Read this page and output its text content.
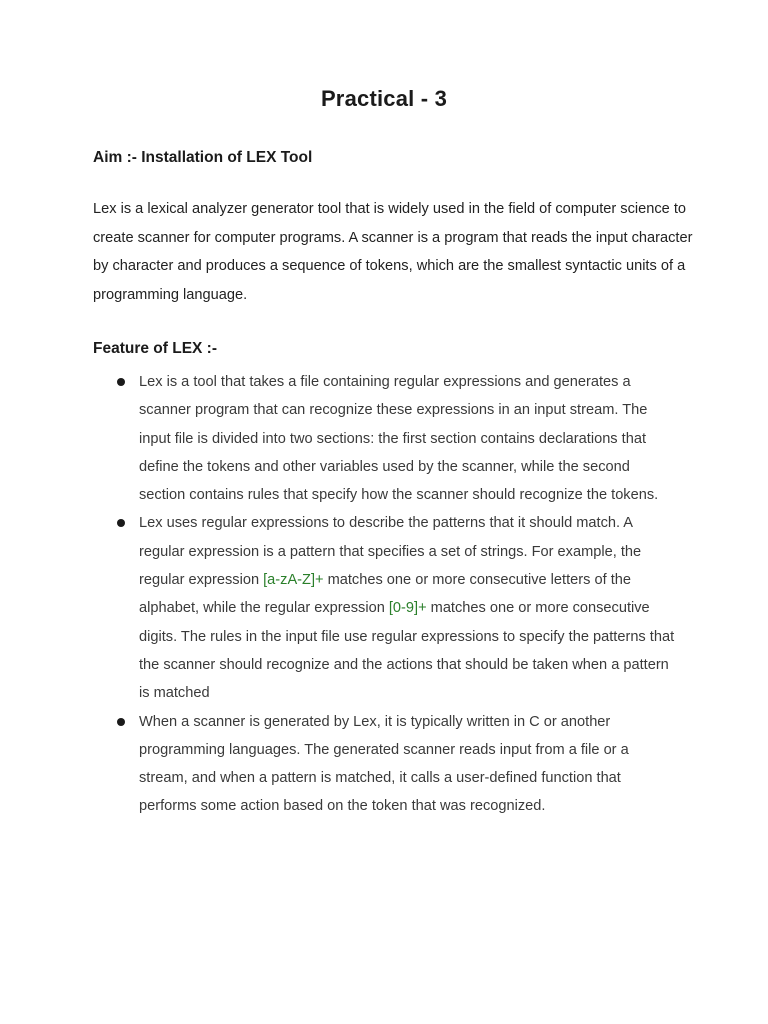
Practical - 3
Aim :- Installation of LEX Tool
Lex is a lexical analyzer generator tool that is widely used in the field of computer science to create scanner for computer programs. A scanner is a program that reads the input character by character and produces a sequence of tokens, which are the smallest syntactic units of a programming language.
Feature of LEX :-
Lex is a tool that takes a file containing regular expressions and generates a scanner program that can recognize these expressions in an input stream. The input file is divided into two sections: the first section contains declarations that define the tokens and other variables used by the scanner, while the second section contains rules that specify how the scanner should recognize the tokens.
Lex uses regular expressions to describe the patterns that it should match. A regular expression is a pattern that specifies a set of strings. For example, the regular expression [a-zA-Z]+ matches one or more consecutive letters of the alphabet, while the regular expression [0-9]+ matches one or more consecutive digits. The rules in the input file use regular expressions to specify the patterns that the scanner should recognize and the actions that should be taken when a pattern is matched
When a scanner is generated by Lex, it is typically written in C or another programming languages. The generated scanner reads input from a file or a stream, and when a pattern is matched, it calls a user-defined function that performs some action based on the token that was recognized.
